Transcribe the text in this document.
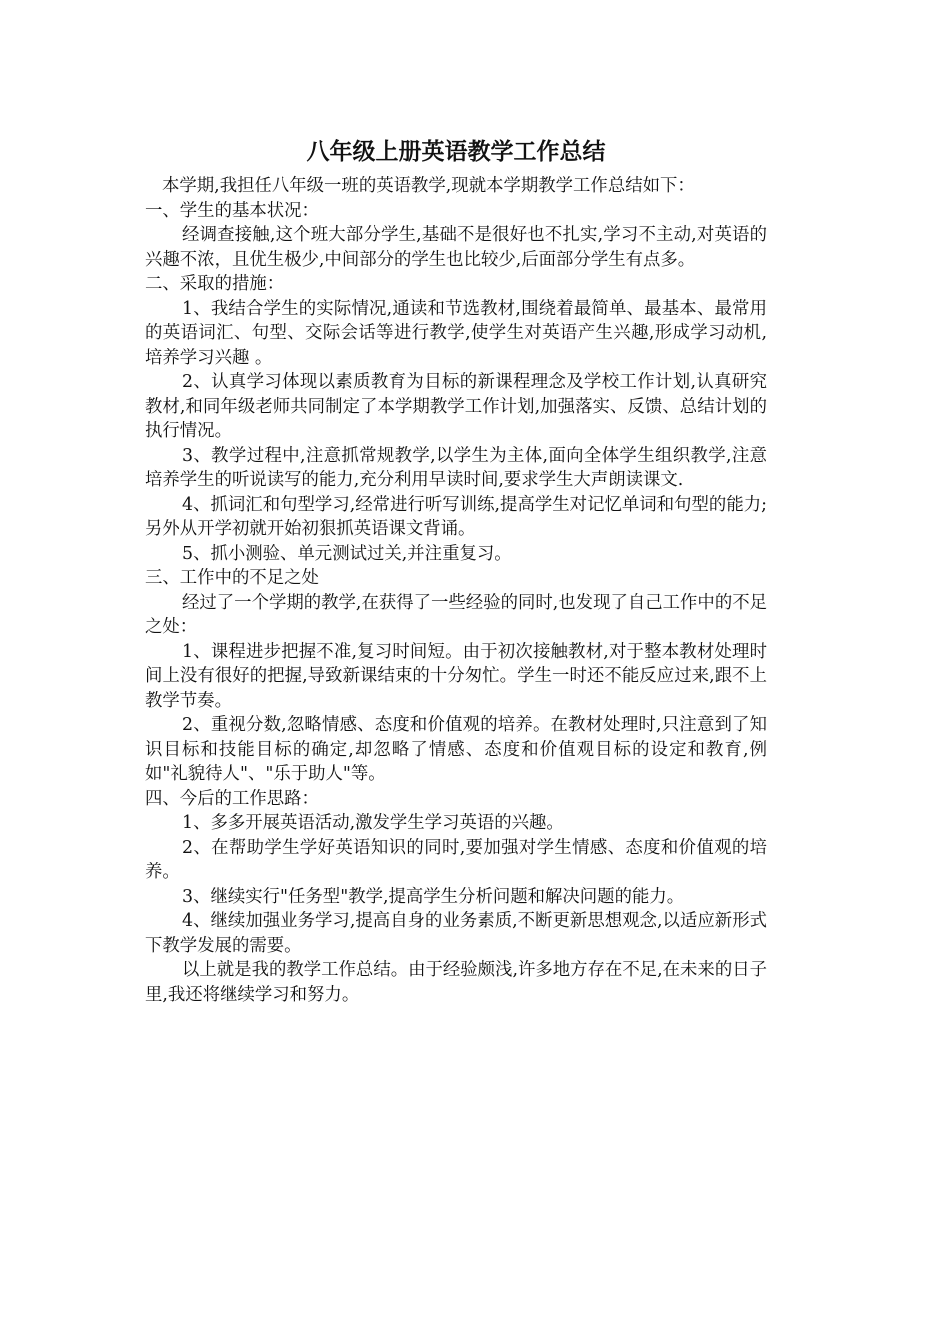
八年级上册英语教学工作总结

本学期,我担任八年级一班的英语教学,现就本学期教学工作总结如下：

一、学生的基本状况：

经调查接触,这个班大部分学生,基础不是很好也不扎实,学习不主动,对英语的兴趣不浓，且优生极少,中间部分的学生也比较少,后面部分学生有点多。

二、采取的措施：

1、我结合学生的实际情况,通读和节选教材,围绕着最简单、最基本、最常用的英语词汇、句型、交际会话等进行教学,使学生对英语产生兴趣,形成学习动机,培养学习兴趣 。

2、认真学习体现以素质教育为目标的新课程理念及学校工作计划,认真研究教材,和同年级老师共同制定了本学期教学工作计划,加强落实、反馈、总结计划的执行情况。

3、教学过程中,注意抓常规教学,以学生为主体,面向全体学生组织教学,注意培养学生的听说读写的能力,充分利用早读时间,要求学生大声朗读课文.

4、抓词汇和句型学习,经常进行听写训练,提高学生对记忆单词和句型的能力;另外从开学初就开始初狠抓英语课文背诵。

5、抓小测验、单元测试过关,并注重复习。

三、工作中的不足之处

经过了一个学期的教学,在获得了一些经验的同时,也发现了自己工作中的不足之处：

1、课程进步把握不准,复习时间短。由于初次接触教材,对于整本教材处理时间上没有很好的把握,导致新课结束的十分匆忙。学生一时还不能反应过来,跟不上教学节奏。

2、重视分数,忽略情感、态度和价值观的培养。在教材处理时,只注意到了知识目标和技能目标的确定,却忽略了情感、态度和价值观目标的设定和教育,例如"礼貌待人"、"乐于助人"等。

四、今后的工作思路：

1、多多开展英语活动,激发学生学习英语的兴趣。

2、在帮助学生学好英语知识的同时,要加强对学生情感、态度和价值观的培养。

3、继续实行"任务型"教学,提高学生分析问题和解决问题的能力。

4、继续加强业务学习,提高自身的业务素质,不断更新思想观念,以适应新形式下教学发展的需要。

以上就是我的教学工作总结。由于经验颇浅,许多地方存在不足,在未来的日子里,我还将继续学习和努力。
